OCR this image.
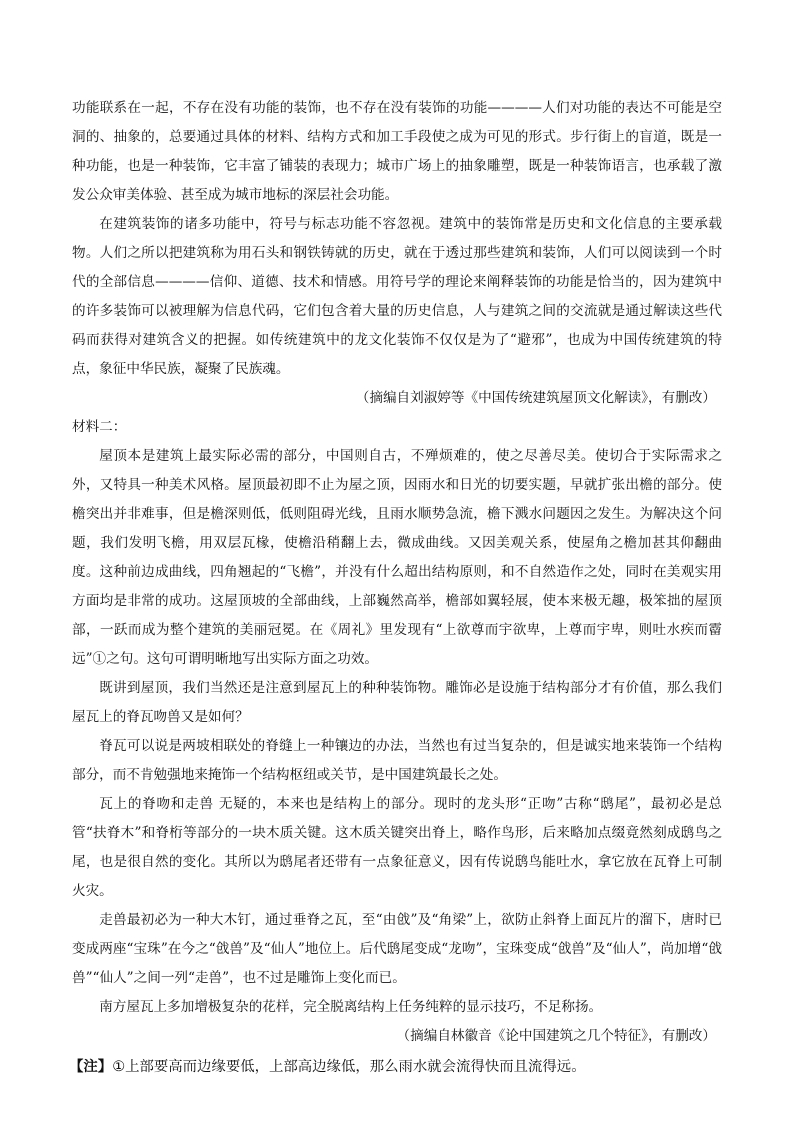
功能联系在一起，不存在没有功能的装饰，也不存在没有装饰的功能————人们对功能的表达不可能是空洞的、抽象的，总要通过具体的材料、结构方式和加工手段使之成为可见的形式。步行街上的盲道，既是一种功能，也是一种装饰，它丰富了铺装的表现力；城市广场上的抽象雕塑，既是一种装饰语言，也承载了激发公众审美体验、甚至成为城市地标的深层社会功能。

在建筑装饰的诸多功能中，符号与标志功能不容忽视。建筑中的装饰常是历史和文化信息的主要承载物。人们之所以把建筑称为用石头和钢铁铸就的历史，就在于透过那些建筑和装饰，人们可以阅读到一个时代的全部信息————信仰、道德、技术和情感。用符号学的理论来阐释装饰的功能是恰当的，因为建筑中的许多装饰可以被理解为信息代码，它们包含着大量的历史信息，人与建筑之间的交流就是通过解读这些代码而获得对建筑含义的把握。如传统建筑中的龙文化装饰不仅仅是为了“避邪”，也成为中国传统建筑的特点，象征中华民族，凝聚了民族魂。

（摘编自刘淑婷等《中国传统建筑屋顶文化解读》，有删改）

材料二：

屋顶本是建筑上最实际必需的部分，中国则自古，不殚烦难的，使之尽善尽美。使切合于实际需求之外，又特具一种美术风格。屋顶最初即不止为屋之顶，因雨水和日光的切要实题，早就扩张出檐的部分。使檐突出并非难事，但是檐深则低，低则阻碍光线，且雨水顺势急流，檐下溅水问题因之发生。为解决这个问题，我们发明飞檐，用双层瓦椽，使檐沿稍翻上去，微成曲线。又因美观关系，使屋角之檐加甚其仰翻曲度。这种前边成曲线，四角翘起的“飞檐”，并没有什么超出结构原则，和不自然造作之处，同时在美观实用方面均是非常的成功。这屋顶坡的全部曲线，上部巍然高举，檐部如翼轻展，使本来极无趣，极笨拙的屋顶部，一跃而成为整个建筑的美丽冠冕。在《周礼》里发现有“上欲尊而宇欲卑，上尊而宇卑，则吐水疾而霤远”①之句。这句可谓明晰地写出实际方面之功效。

既讲到屋顶，我们当然还是注意到屋瓦上的种种装饰物。雕饰必是设施于结构部分才有价值，那么我们屋瓦上的脊瓦吻兽又是如何？

脊瓦可以说是两坡相联处的脊缝上一种镶边的办法，当然也有过当复杂的，但是诚实地来装饰一个结构部分，而不肯勉强地来掩饰一个结构枢纽或关节，是中国建筑最长之处。

瓦上的脊吻和走兽 无疑的，本来也是结构上的部分。现时的龙头形“正吻”古称“鸱尾”，最初必是总管“扶脊木”和脊桁等部分的一块木质关键。这木质关键突出脊上，略作鸟形，后来略加点缀竟然刻成鸱鸟之尾，也是很自然的变化。其所以为鸱尾者还带有一点象征意义，因有传说鸱鸟能吐水，拿它放在瓦脊上可制火灾。

走兽最初必为一种大木钉，通过垂脊之瓦，至“由戗”及“角梁”上，欲防止斜脊上面瓦片的溜下，唐时已变成两座“宝珠”在今之“戗兽”及“仙人”地位上。后代鸱尾变成“龙吻”，宝珠变成“戗兽”及“仙人”，尚加增“戗兽”“仙人”之间一列“走兽”，也不过是雕饰上变化而已。

南方屋瓦上多加增极复杂的花样，完全脱离结构上任务纯粹的显示技巧，不足称扬。

（摘编自林徽音《论中国建筑之几个特征》，有删改）

【注】①上部要高而边缘要低，上部高边缘低，那么雨水就会流得快而且流得远。
